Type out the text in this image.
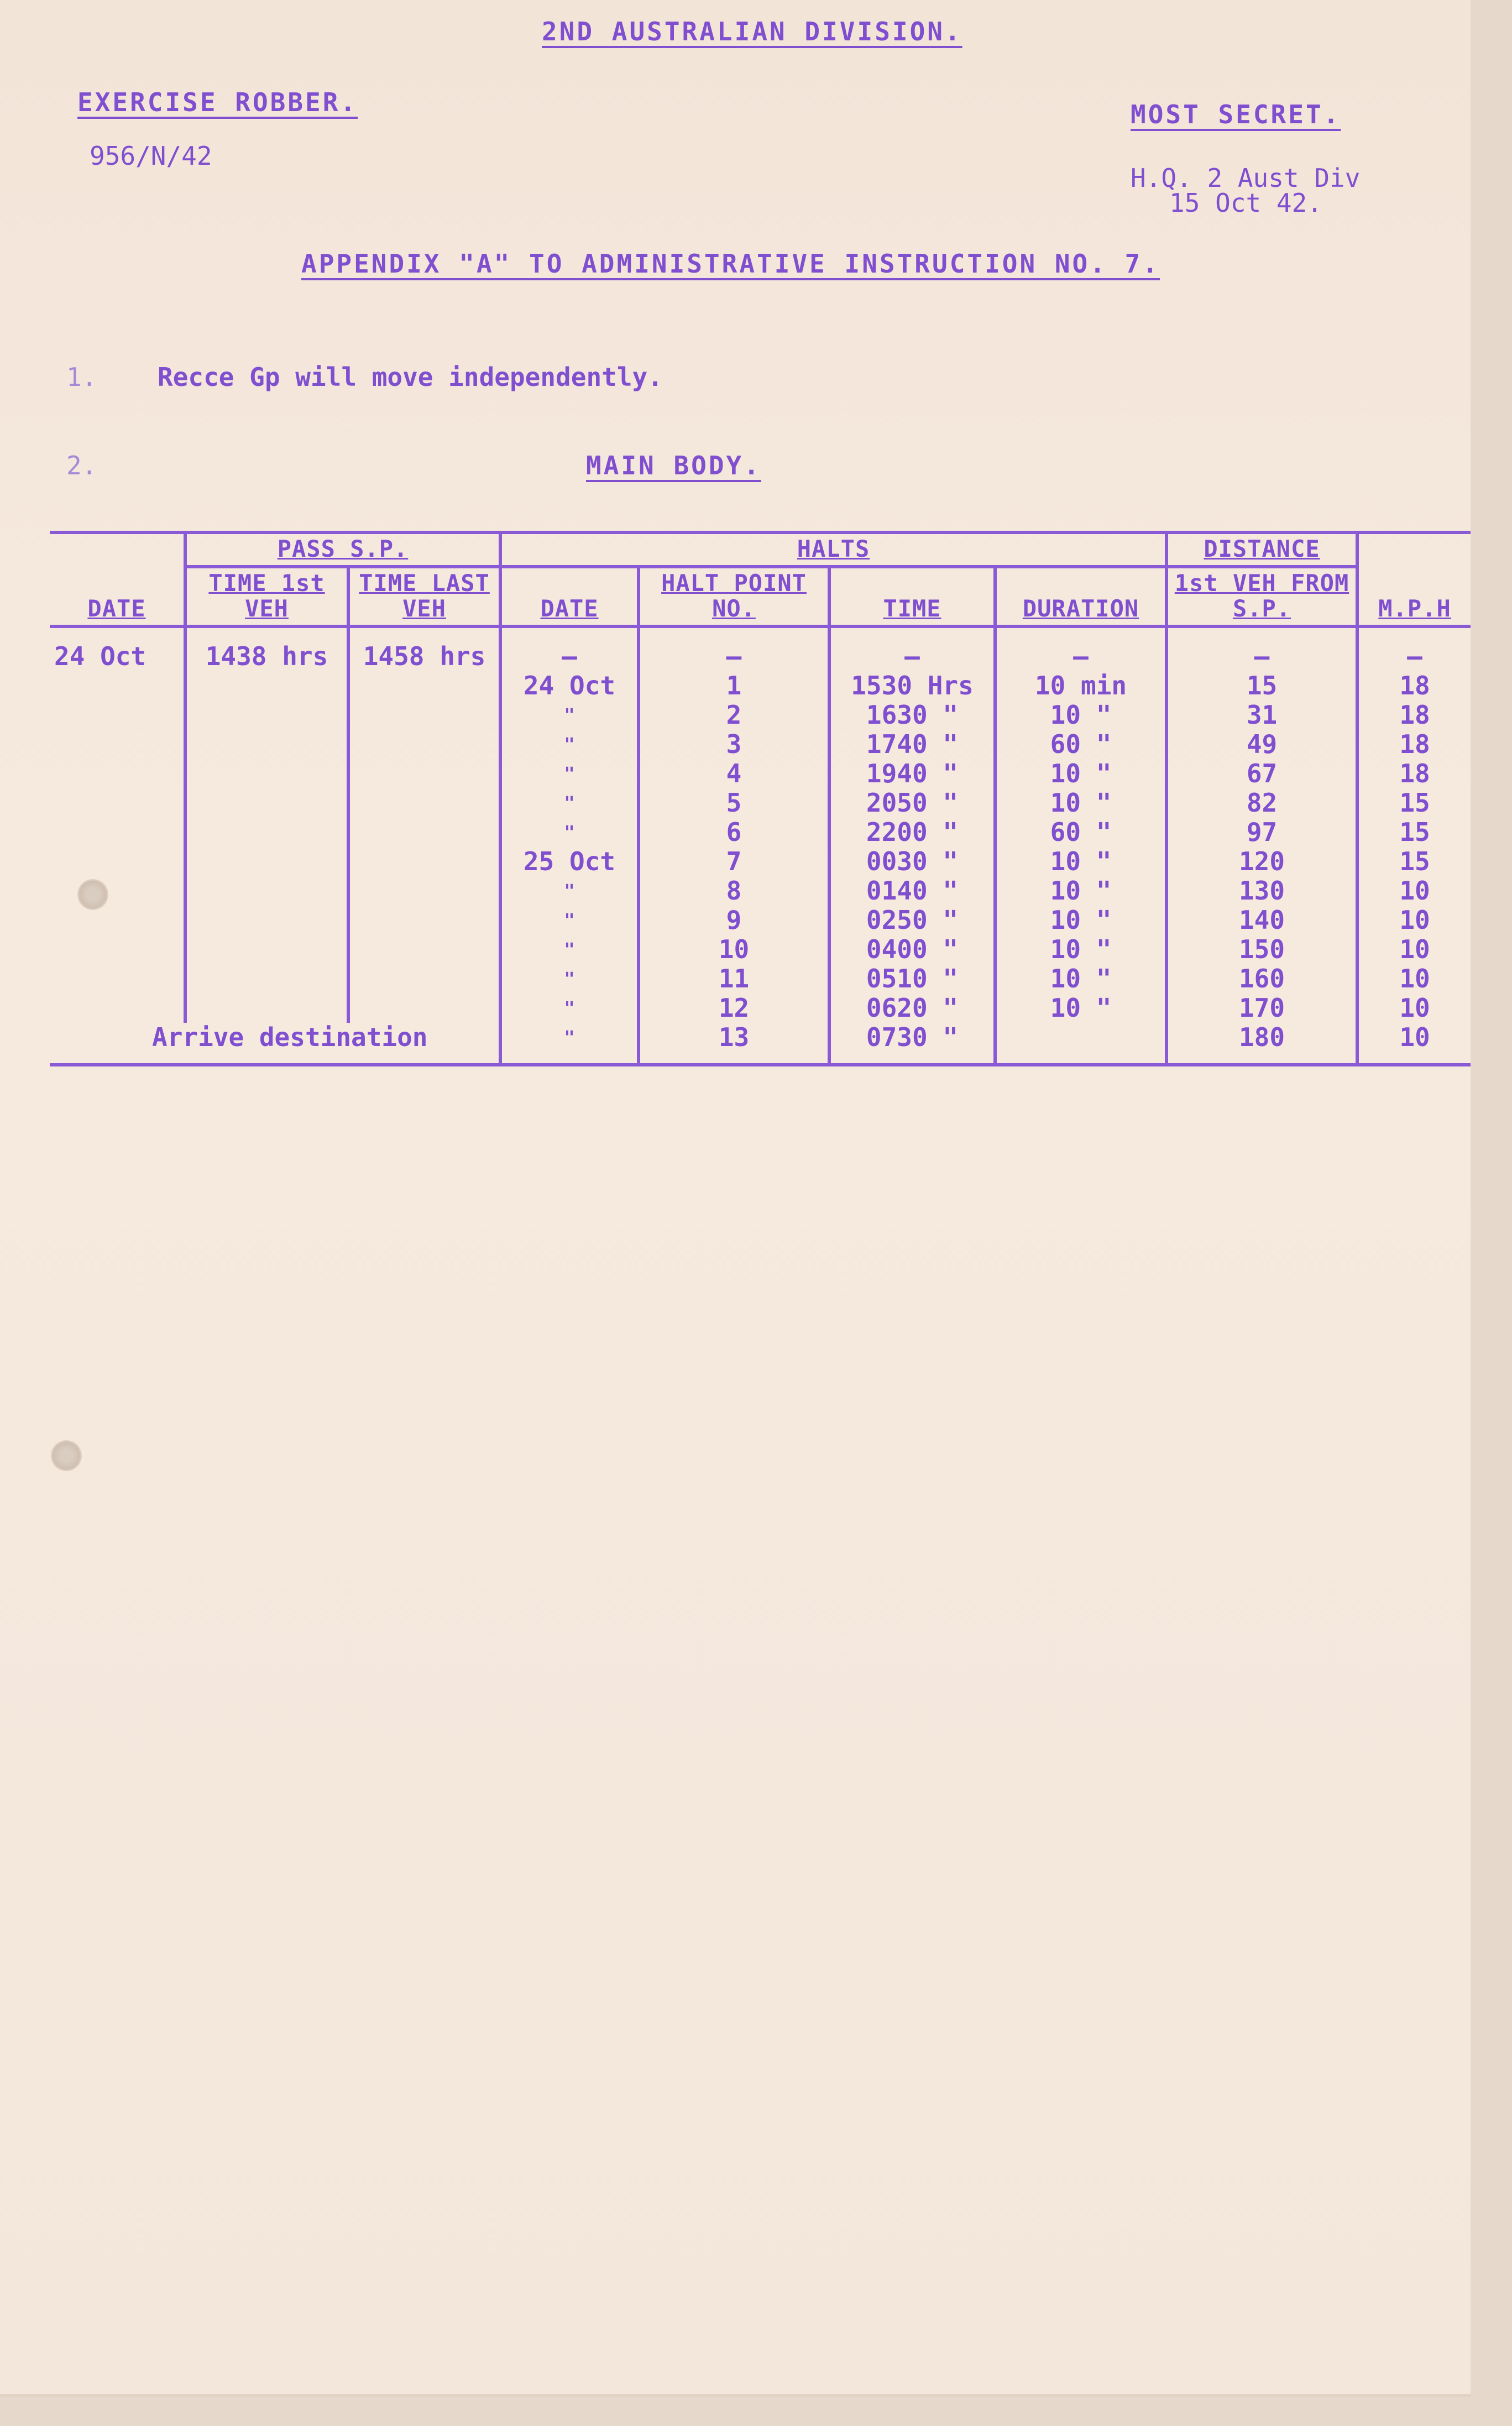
2ND AUSTRALIAN DIVISION.
EXERCISE ROBBER.
956/N/42
MOST SECRET.
H.Q. 2 Aust Div
15 Oct 42.
APPENDIX "A" TO ADMINISTRATIVE INSTRUCTION NO. 7.
1. Recce Gp will move independently.
2.	MAIN BODY.
DATE	PASS S.P.		HALTS				DISTANCE	M.P.H
	TIME 1st VEH	TIME LAST VEH	DATE	HALT POINT NO.	TIME	DURATION	1st VEH FROM S.P.	
24 Oct	1438 hrs	1458 hrs	—	—	—	—	—	—
			24 Oct	1	1530 Hrs	10 min	15	18
			"	2	1630 "	10 "	31	18
			"	3	1740 "	60 "	49	18
			"	4	1940 "	10 "	67	18
			"	5	2050 "	10 "	82	15
			"	6	2200 "	60 "	97	15
			25 Oct	7	0030 "	10 "	120	15
			"	8	0140 "	10 "	130	10
			"	9	0250 "	10 "	140	10
			"	10	0400 "	10 "	150	10
			"	11	0510 "	10 "	160	10
			"	12	0620 "	10 "	170	10
Arrive destination			"	13	0730 "		180	10
